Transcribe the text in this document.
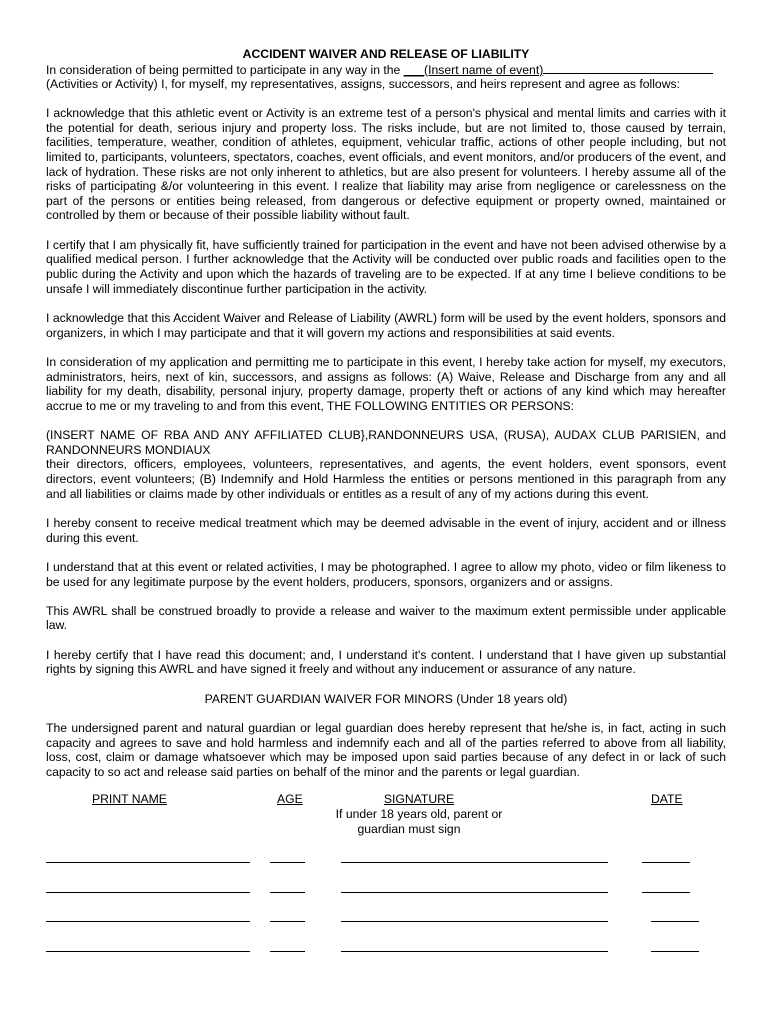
ACCIDENT WAIVER AND RELEASE OF LIABILITY
In consideration of being permitted to participate in any way in the ___(Insert name of event)
(Activities or Activity) I, for myself, my representatives, assigns, successors, and heirs represent and agree as follows:

I acknowledge that this athletic event or Activity is an extreme test of a person's physical and mental limits and carries with it the potential for death, serious injury and property loss. The risks include, but are not limited to, those caused by terrain, facilities, temperature, weather, condition of athletes, equipment, vehicular traffic, actions of other people including, but not limited to, participants, volunteers, spectators, coaches, event officials, and event monitors, and/or producers of the event, and lack of hydration. These risks are not only inherent to athletics, but are also present for volunteers. I hereby assume all of the risks of participating &/or volunteering in this event. I realize that liability may arise from negligence or carelessness on the part of the persons or entities being released, from dangerous or defective equipment or property owned, maintained or controlled by them or because of their possible liability without fault.

I certify that I am physically fit, have sufficiently trained for participation in the event and have not been advised otherwise by a qualified medical person. I further acknowledge that the Activity will be conducted over public roads and facilities open to the public during the Activity and upon which the hazards of traveling are to be expected. If at any time I believe conditions to be unsafe I will immediately discontinue further participation in the activity.

I acknowledge that this Accident Waiver and Release of Liability (AWRL) form will be used by the event holders, sponsors and organizers, in which I may participate and that it will govern my actions and responsibilities at said events.

In consideration of my application and permitting me to participate in this event, I hereby take action for myself, my executors, administrators, heirs, next of kin, successors, and assigns as follows: (A) Waive, Release and Discharge from any and all liability for my death, disability, personal injury, property damage, property theft or actions of any kind which may hereafter accrue to me or my traveling to and from this event, THE FOLLOWING ENTITIES OR PERSONS:

(INSERT NAME OF RBA AND ANY AFFILIATED CLUB},RANDONNEURS USA, (RUSA), AUDAX CLUB PARISIEN, and RANDONNEURS MONDIAUX
their directors, officers, employees, volunteers, representatives, and agents, the event holders, event sponsors, event directors, event volunteers; (B) Indemnify and Hold Harmless the entities or persons mentioned in this paragraph from any and all liabilities or claims made by other individuals or entitles as a result of any of my actions during this event.

I hereby consent to receive medical treatment which may be deemed advisable in the event of injury, accident and or illness during this event.

I understand that at this event or related activities, I may be photographed. I agree to allow my photo, video or film likeness to be used for any legitimate purpose by the event holders, producers, sponsors, organizers and or assigns.

This AWRL shall be construed broadly to provide a release and waiver to the maximum extent permissible under applicable law.

I hereby certify that I have read this document; and, I understand it's content. I understand that I have given up substantial rights by signing this AWRL and have signed it freely and without any inducement or assurance of any nature.

PARENT GUARDIAN WAIVER FOR MINORS (Under 18 years old)

The undersigned parent and natural guardian or legal guardian does hereby represent that he/she is, in fact, acting in such capacity and agrees to save and hold harmless and indemnify each and all of the parties referred to above from all liability, loss, cost, claim or damage whatsoever which may be imposed upon said parties because of any defect in or lack of such capacity to so act and release said parties on behalf of the minor and the parents or legal guardian.

PRINT NAME	AGE	SIGNATURE
If under 18 years old, parent or
guardian must sign
DATE
